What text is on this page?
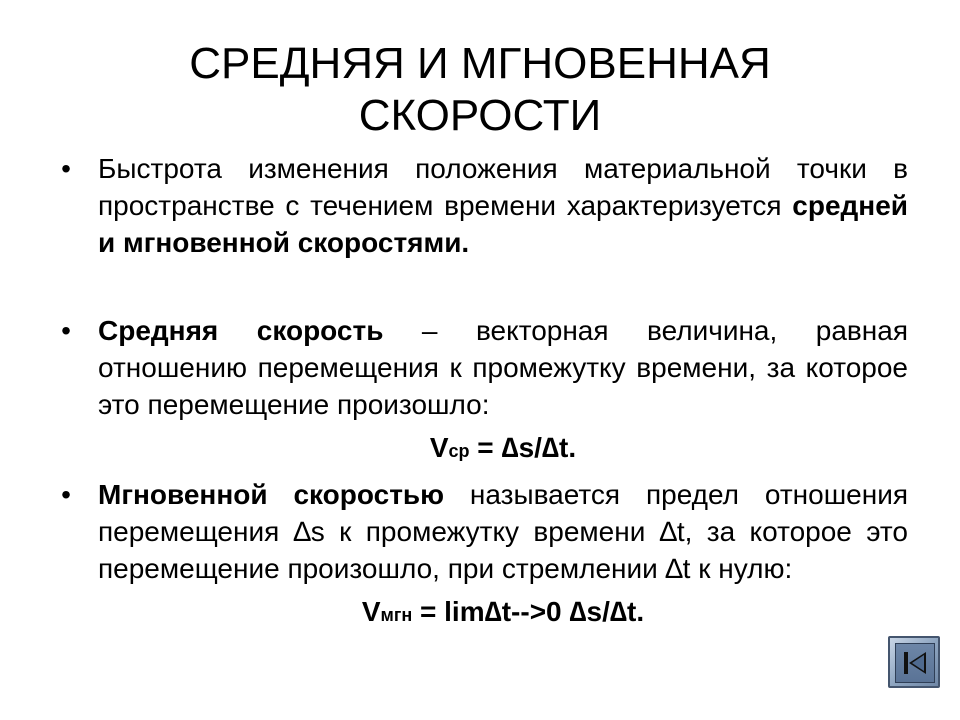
СРЕДНЯЯ И МГНОВЕННАЯ СКОРОСТИ
• Быстрота изменения положения материальной точки в пространстве с течением времени характеризуется средней и мгновенной скоростями.
• Средняя скорость – векторная величина, равная отношению перемещения к промежутку времени, за которое это перемещение произошло:
Vср = ∆s/∆t.
• Мгновенной скоростью называется предел отношения перемещения ∆s к промежутку времени ∆t, за которое это перемещение произошло, при стремлении ∆t к нулю:
Vмгн = lim∆t-->0 ∆s/∆t.
